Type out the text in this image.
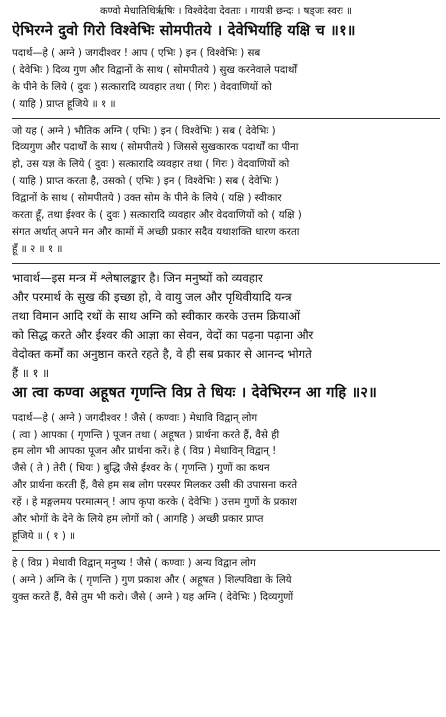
कण्वो मेधातिथिर्ऋषिः । विश्वेदेवा देवताः । गायत्री छन्दः । षड्जः स्वरः ॥
ऐभिरग्ने दुवो गिरो विश्वेभिः सोमपीतये । देवेभिर्याहि यक्षि च ॥१॥
पदार्थ—हे ( अग्ने ) जगदीश्वर ! आप ( एभिः ) इन ( विश्वेभिः ) सब
( देवेभिः ) दिव्य गुण और विद्वानों के साथ ( सोमपीतये ) सुख करनेवाले पदार्थों
के पीने के लिये ( दुवः ) सत्कारादि व्यवहार तथा ( गिरः ) वेदवाणियों को
( याहि ) प्राप्त हूजिये ॥ १ ॥
जो यह ( अग्ने ) भौतिक अग्नि ( एभिः ) इन ( विश्वेभिः ) सब ( देवेभिः )
दिव्यगुण और पदार्थों के साथ ( सोमपीतये ) जिससे सुखकारक पदार्थों का पीना
हो, उस यज्ञ के लिये ( दुवः ) सत्कारादि व्यवहार तथा ( गिरः ) वेदवाणियों को
( याहि ) प्राप्त करता है, उसको ( एभिः ) इन ( विश्वेभिः ) सब ( देवेभिः )
विद्वानों के साथ ( सोमपीतये ) उक्त सोम के पीने के लिये ( यक्षि ) स्वीकार
करता हूँ, तथा ईश्वर के ( दुवः ) सत्कारादि व्यवहार और वेदवाणियों को ( यक्षि )
संगत अर्थात् अपने मन और कामों में अच्छी प्रकार सदैव यथाशक्ति धारण करता
हूँ ॥ २ ॥ १ ॥
भावार्थ—इस मन्त्र में श्लेषालङ्कार है। जिन मनुष्यों को व्यवहार
और परमार्थ के सुख की इच्छा हो, वे वायु जल और पृथिवीयादि यन्त्र
तथा विमान आदि रथों के साथ अग्नि को स्वीकार करके उत्तम क्रियाओं
को सिद्ध करते और ईश्वर की आज्ञा का सेवन, वेदों का पढ़ना पढ़ाना और
वेदोक्त कर्मों का अनुष्ठान करते रहते है, वे ही सब प्रकार से आनन्द भोगते
हैं ॥ १ ॥
आ त्वा कण्वा अहूषत गृणन्ति विप्र ते धियः । देवेभिरग्न आ गहि ॥२॥
पदार्थ—हे ( अग्ने ) जगदीश्वर ! जैसे ( कण्वाः ) मेधावि विद्वान् लोग
( त्वा ) आपका ( गृणन्ति ) पूजन तथा ( अहूषत ) प्रार्थना करते हैं, वैसे ही
हम लोग भी आपका पूजन और प्रार्थना करें। हे ( विप्र ) मेधाविन् विद्वान् !
जैसे ( ते ) तेरी ( धियः ) बुद्धि जैसे ईश्वर के ( गृणन्ति ) गुणों का कथन
और प्रार्थना करती हैं, वैसे हम सब लोग परस्पर मिलकर उसी की उपासना करते
रहें । हे मङ्गलमय परमात्मन् ! आप कृपा करके ( देवेभिः ) उत्तम गुणों के प्रकाश
और भोगों के देने के लिये हम लोगों को ( आगहि ) अच्छी प्रकार प्राप्त
हूजिये ॥ ( १ ) ॥
हे ( विप्र ) मेधावी विद्वान् मनुष्य ! जैसे ( कण्वाः ) अन्य विद्वान लोग
( अग्ने ) अग्नि के ( गृणन्ति ) गुण प्रकाश और ( अहूषत ) शिल्पविद्या के लिये
युक्त करते हैं, वैसे तुम भी करो। जैसे ( अग्ने ) यह अग्नि ( देवेभिः ) दिव्यगुणों
